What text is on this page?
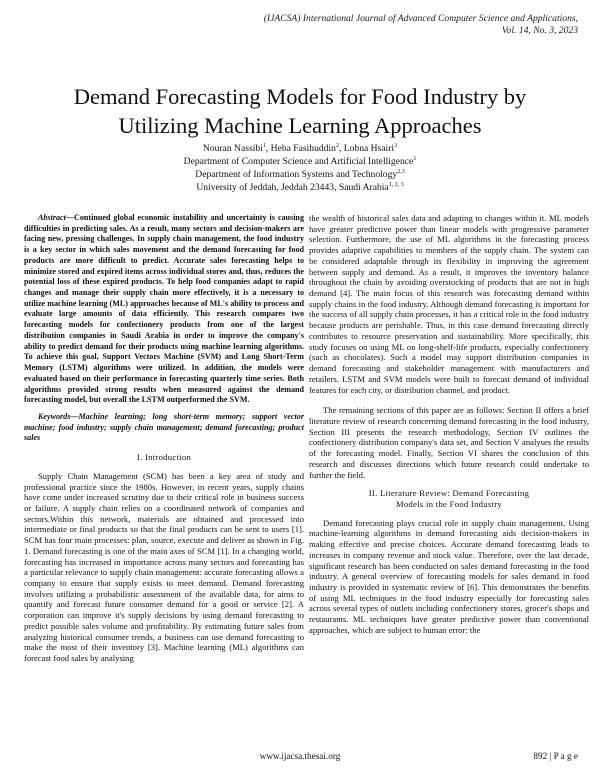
(IJACSA) International Journal of Advanced Computer Science and Applications,
Vol. 14, No. 3, 2023
Demand Forecasting Models for Food Industry by
Utilizing Machine Learning Approaches
Nouran Nassibi$^1$, Heba Fasihuddin$^2$, Lobna Hsairi$^3$
Department of Computer Science and Artificial Intelligence$^1$
Department of Information Systems and Technology$^{2,3}$
University of Jeddah, Jeddah 23443, Saudi Arabia$^{1, 2, 3}$

Abstract—Continued global economic instability and uncertainty is causing difficulties in predicting sales. As a result, many sectors and decision-makers are facing new, pressing challenges. In supply chain management, the food industry is a key sector in which sales movement and the demand forecasting for food products are more difficult to predict. Accurate sales forecasting helps to minimize stored and expired items across individual stores and, thus, reduces the potential loss of these expired products. To help food companies adapt to rapid changes and manage their supply chain more effectively, it is a necessary to utilize machine learning (ML) approaches because of ML's ability to process and evaluate large amounts of data efficiently. This research compares two forecasting models for confectionery products from one of the largest distribution companies in Saudi Arabia in order to improve the company's ability to predict demand for their products using machine learning algorithms. To achieve this goal, Support Vectors Machine (SVM) and Long Short-Term Memory (LSTM) algorithms were utilized. In addition, the models were evaluated based on their performance in forecasting quarterly time series. Both algorithms provided strong results when measured against the demand forecasting model, but overall the LSTM outperformed the SVM.

Keywords—Machine learning; long short-term memory; support vector machine; food industry; supply chain management; demand forecasting; product sales

I. Introduction

Supply Chain Management (SCM) has been a key area of study and professional practice since the 1980s. However, in recent years, supply chains have come under increased scrutiny due to their critical role in business success or failure. A supply chain relies on a coordinated network of companies and sectors.Within this network, materials are obtained and processed into intermediate or final products so that the final products can be sent to users [1]. SCM has four main processes: plan, source, execute and deliver as shown in Fig. 1. Demand forecasting is one of the main axes of SCM [1]. In a changing world, forecasting has increased in importance across many sectors and forecasting has a particular relevance to supply chain management: accurate forecasting allows a company to ensure that supply exists to meet demand. Demand forecasting involves utilizing a probabilistic assessment of the available data, for aims to quantify and forecast future consumer demand for a good or service [2]. A corporation can improve it's supply decisions by using demand forecasting to predict possible sales volume and profitability. By estimating future sales from analyzing historical consumer trends, a business can use demand forecasting to make the most of their inventory [3]. Machine learning (ML) algorithms can forecast food sales by analysing

the wealth of historical sales data and adapting to changes within it. ML models have greater predictive power than linear models with progressive parameter selection. Furthermore, the use of ML algorithms in the forecasting process provides adaptive capabilities to members of the supply chain. The system can be considered adaptable through its flexibility in improving the agreement between supply and demand. As a result, it improves the inventory balance throughout the chain by avoiding overstocking of products that are not in high demand [4]. The main focus of this research was forecasting demand within supply chains in the food industry. Although demand forecasting is important for the success of all supply chain processes, it has a critical role in the food industry because products are perishable. Thus, in this case demand forecasting directly contributes to resource preservation and sustainability. More specifically, this study focuses on using ML on long-shelf-life products, especially confectionery (such as chocolates). Such a model may support distribution companies in demand forecasting and stakeholder management with manufacturers and retailers. LSTM and SVM models were built to forecast demand of individual features for each city, or distribution channel, and product.

The remaining sections of this paper are as follows: Section II offers a brief literature review of research concerning demand forecasting in the food industry, Section III presents the research methodology, Section IV outlines the confectionery distribution company's data set, and Section V analyses the results of the forecasting model. Finally, Section VI shares the conclusion of this research and discusses directions which future research could undertake to further the field.

II. Literature Review: Demand Forecasting
Models in the Food Industry

Demand forecasting plays crucial role in supply chain management. Using machine-learning algorithms in demand forecasting aids decision-makers in making effective and precise choices. Accurate demand forecasting leads to increases in company revenue and stock value. Therefore, over the last decade, significant research has been conducted on sales demand forecasting in the food industry. A general overview of forecasting models for sales demand in food industry is provided in systematic review of [6]. This demonstrates the benefits of using ML techniques in the food industry especially for forecasting sales across several types of outlets including confectionery stores, grocer's shops and restaurants. ML techniques have greater predictive power than conventional approaches, which are subject to human error: the

www.ijacsa.thesai.org	892 | P a g e
